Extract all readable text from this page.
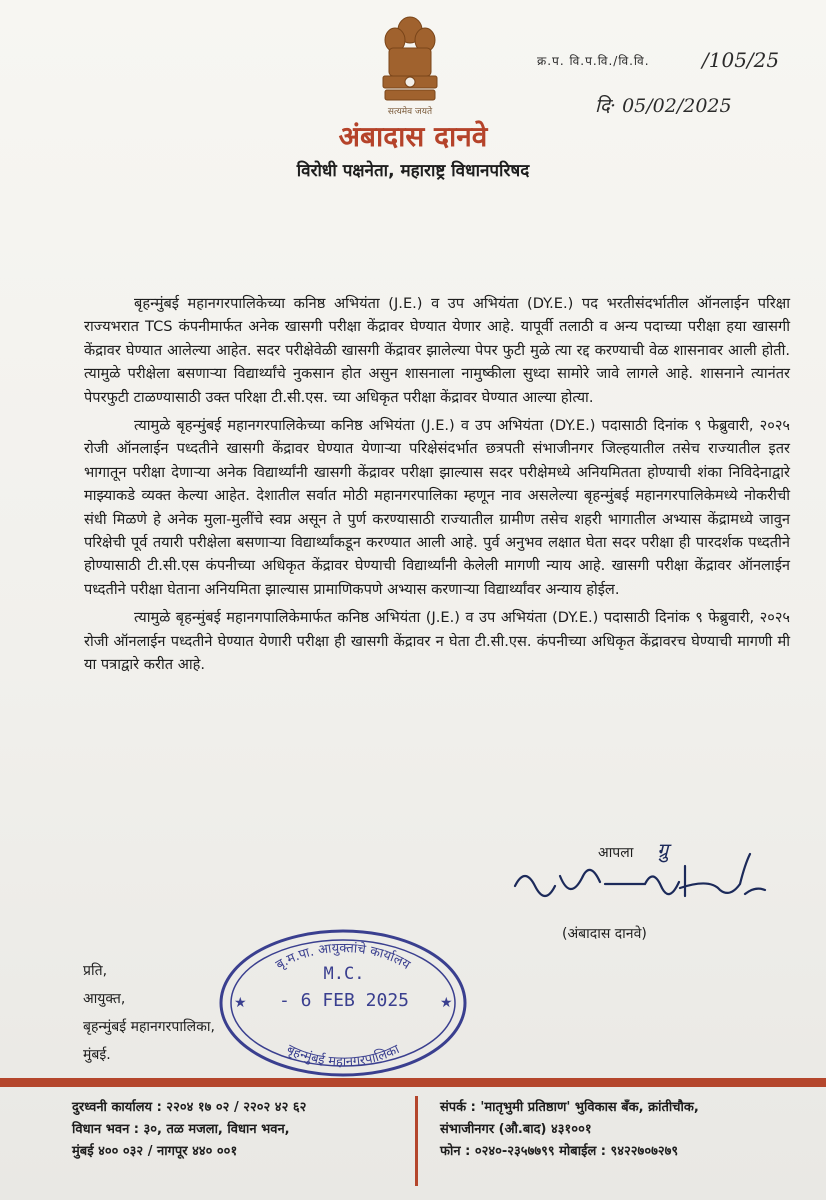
सत्यमेव जयते
अंबादास दानवे
विरोधी पक्षनेता, महाराष्ट्र विधानपरिषद
क्र.प. वि.प.वि./वि.वि.	/105/25
दि· 05/02/2025

बृहन्मुंबई महानगरपालिकेच्या कनिष्ठ अभियंता (J.E.) व उप अभियंता (DY.E.) पद भरतीसंदर्भातील ऑनलाईन परिक्षा राज्यभरात TCS कंपनीमार्फत अनेक खासगी परीक्षा केंद्रावर घेण्यात येणार आहे. यापूर्वी तलाठी व अन्य पदाच्या परीक्षा हया खासगी केंद्रावर घेण्यात आलेल्या आहेत. सदर परीक्षेवेळी खासगी केंद्रावर झालेल्या पेपर फुटी मुळे त्या रद्द करण्याची वेळ शासनावर आली होती. त्यामुळे परीक्षेला बसणाऱ्या विद्यार्थ्यांचे नुकसान होत असुन शासनाला नामुष्कीला सुध्दा सामोरे जावे लागले आहे. शासनाने त्यानंतर पेपरफुटी टाळण्यासाठी उक्त परिक्षा टी.सी.एस. च्या अधिकृत परीक्षा केंद्रावर घेण्यात आल्या होत्या.

त्यामुळे बृहन्मुंबई महानगरपालिकेच्या कनिष्ठ अभियंता (J.E.) व उप अभियंता (DY.E.) पदासाठी दिनांक ९ फेब्रुवारी, २०२५ रोजी ऑनलाईन पध्दतीने खासगी केंद्रावर घेण्यात येणाऱ्या परिक्षेसंदर्भात छत्रपती संभाजीनगर जिल्हयातील तसेच राज्यातील इतर भागातून परीक्षा देणाऱ्या अनेक विद्यार्थ्यांनी खासगी केंद्रावर परीक्षा झाल्यास सदर परीक्षेमध्ये अनियमितता होण्याची शंका निविदेनाद्वारे माझ्याकडे व्यक्त केल्या आहेत. देशातील सर्वात मोठी महानगरपालिका म्हणून नाव असलेल्या बृहन्मुंबई महानगरपालिकेमध्ये नोकरीची संधी मिळणे हे अनेक मुला-मुलींचे स्वप्न असून ते पुर्ण करण्यासाठी राज्यातील ग्रामीण तसेच शहरी भागातील अभ्यास केंद्रामध्ये जावुन परिक्षेची पूर्व तयारी परीक्षेला बसणाऱ्या विद्यार्थ्यांकडून करण्यात आली आहे. पुर्व अनुभव लक्षात घेता सदर परीक्षा ही पारदर्शक पध्दतीने होण्यासाठी टी.सी.एस कंपनीच्या अधिकृत केंद्रावर घेण्याची विद्यार्थ्यांनी केलेली मागणी न्याय आहे. खासगी परीक्षा केंद्रावर ऑनलाईन पध्दतीने परीक्षा घेताना अनियमिता झाल्यास प्रामाणिकपणे अभ्यास करणाऱ्या विद्यार्थ्यांवर अन्याय होईल.

त्यामुळे बृहन्मुंबई महानगपालिकेमार्फत कनिष्ठ अभियंता (J.E.) व उप अभियंता (DY.E.) पदासाठी दिनांक ९ फेब्रुवारी, २०२५ रोजी ऑनलाईन पध्दतीने घेण्यात येणारी परीक्षा ही खासगी केंद्रावर न घेता टी.सी.एस. कंपनीच्या अधिकृत केंद्रावरच घेण्याची मागणी मी या पत्राद्वारे करीत आहे.

आपला ग्रु
(अंबादास दानवे)
प्रति,
आयुक्त,
बृहन्मुंबई महानगरपालिका,
मुंबई.
बृ.म.पा. आयुक्तांचे कार्यालय
बृहन्मुंबई महानगरपालिका
★	★
M.C.
- 6 FEB 2025
दुरध्वनी कार्यालय : २२०४ १७ ०२ / २२०२ ४२ ६२
विधान भवन : ३०, तळ मजला, विधान भवन,
मुंबई ४०० ०३२ / नागपूर ४४० ००१
संपर्क : 'मातृभुमी प्रतिष्ठाण' भुविकास बँक, क्रांतीचौक,
संभाजीनगर (औ.बाद) ४३१००१
फोन : ०२४०-२३५७७९९ मोबाईल : ९४२२७०७२७९
